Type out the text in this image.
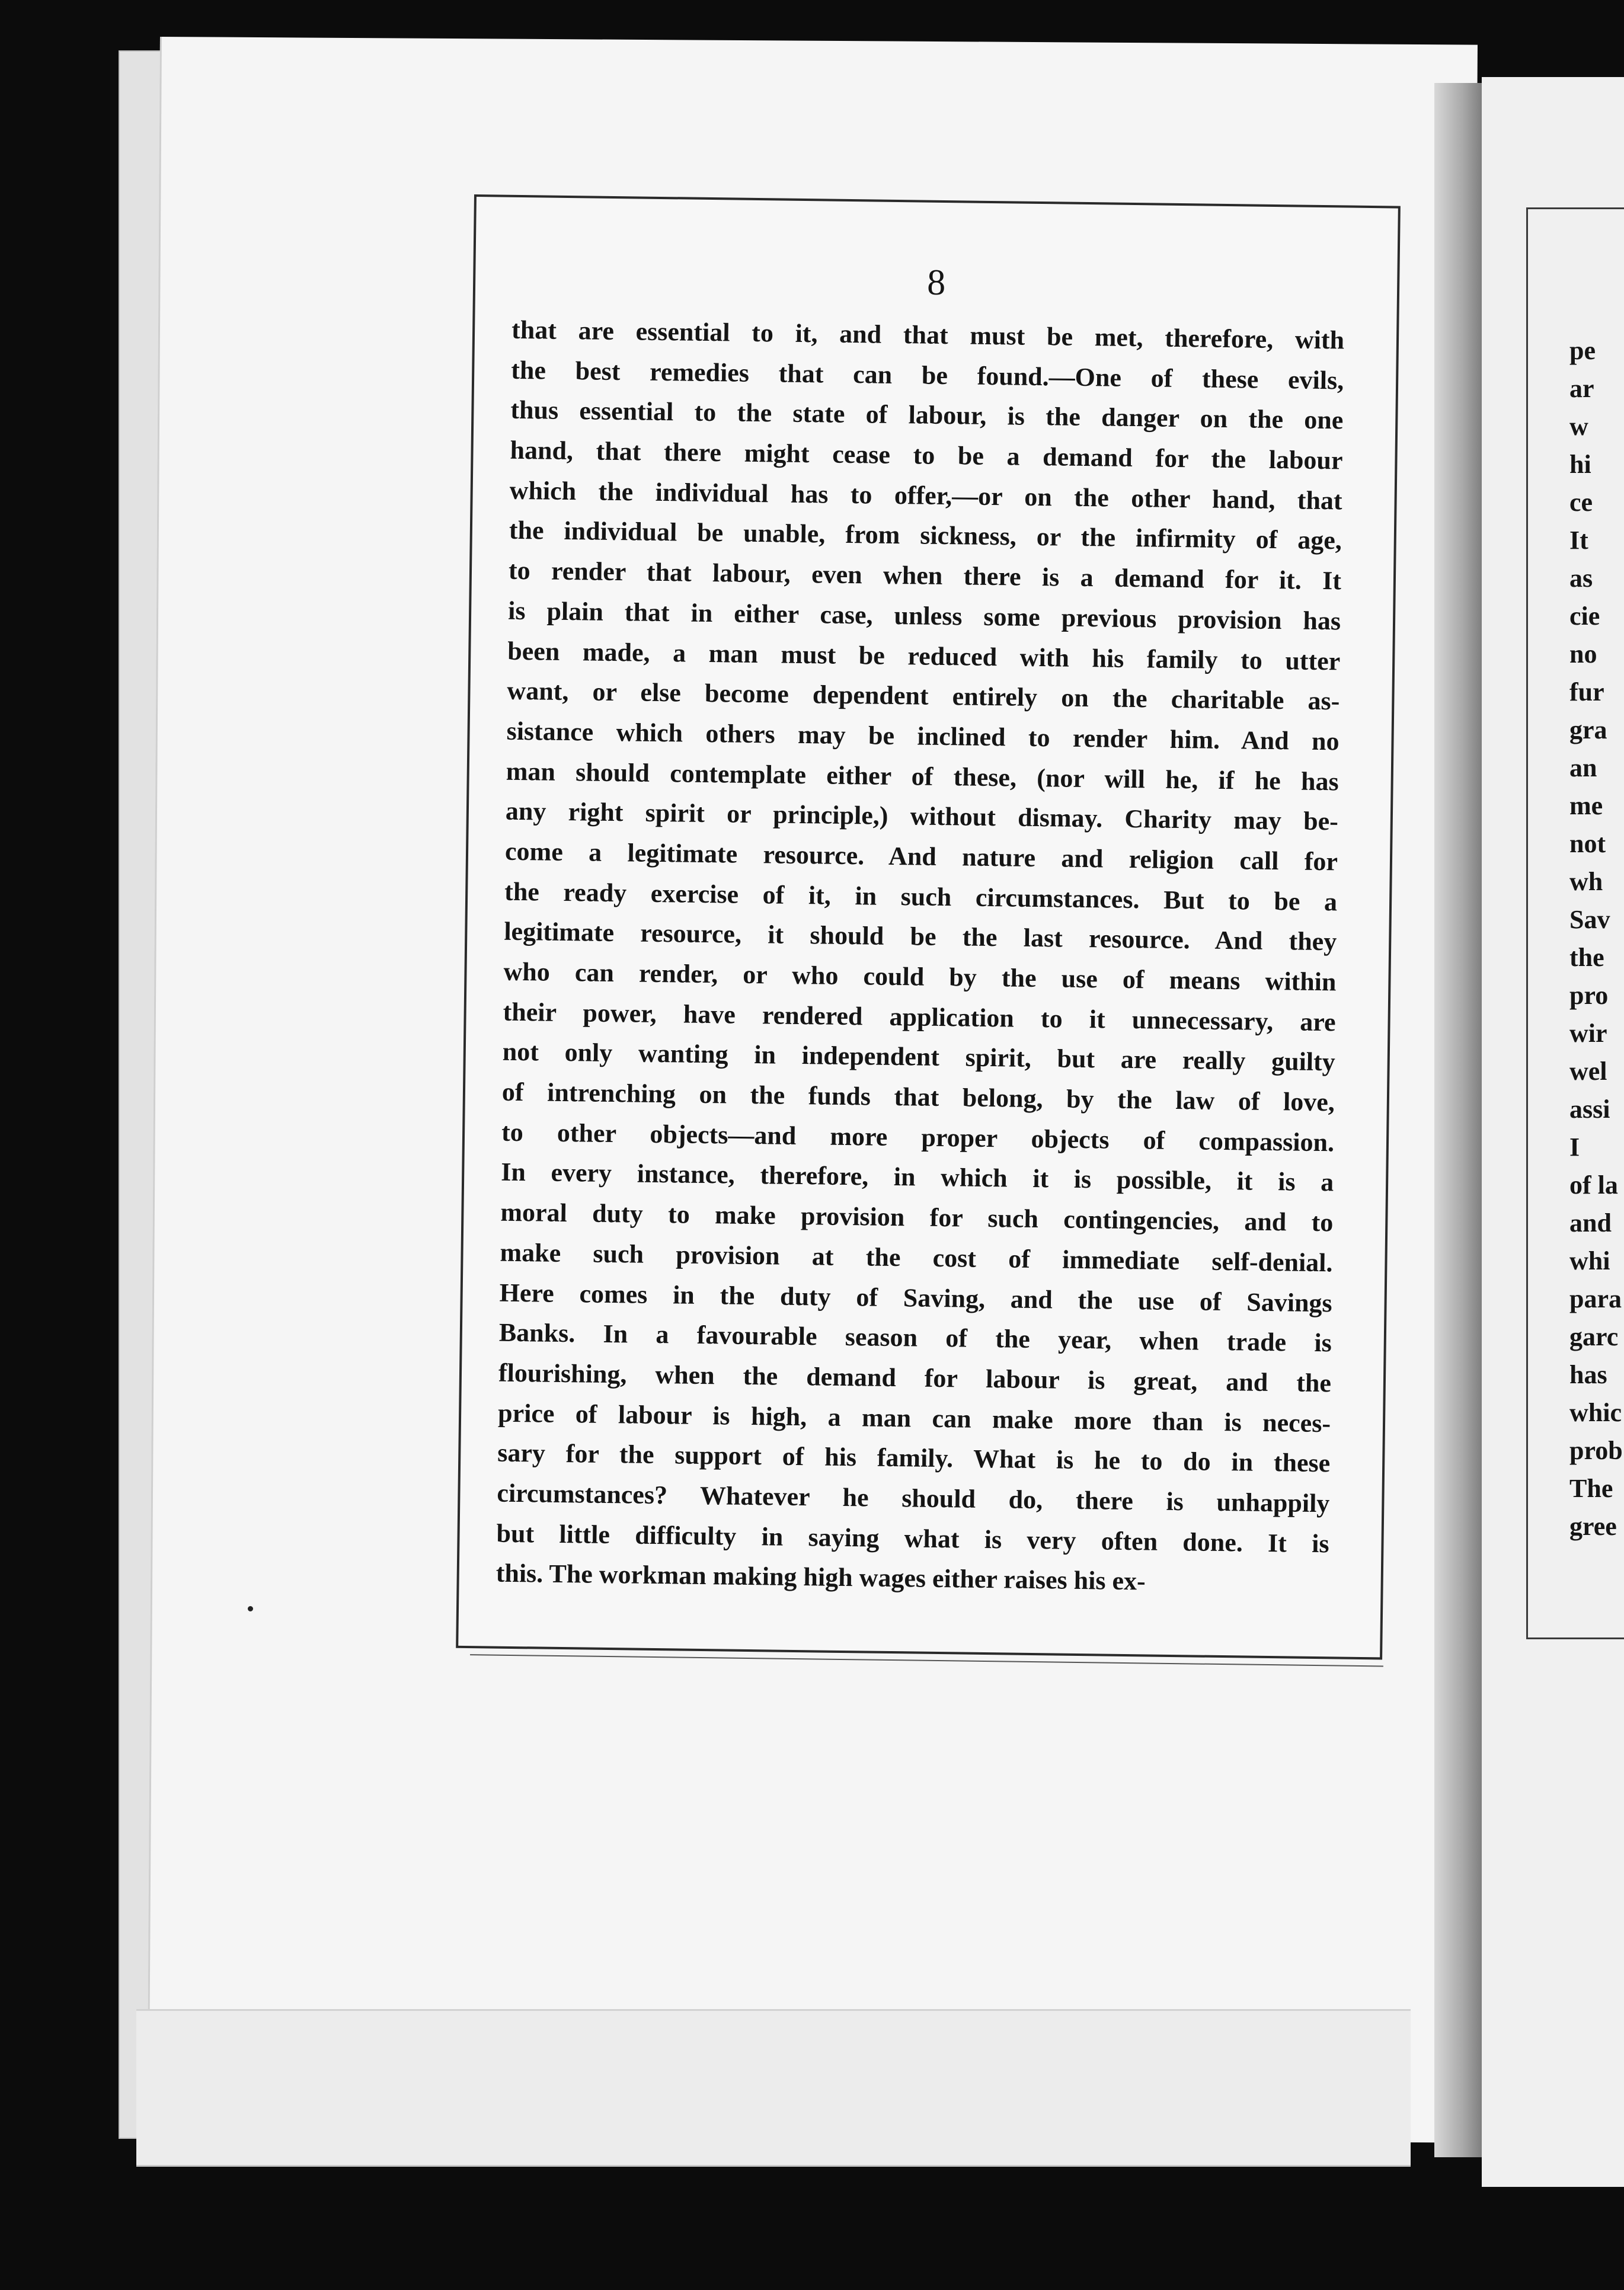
pe
ar
w
hi
ce
It
as
cie
no
fur
gra
an
me
not
wh
Sav
the
pro
wir
wel
assi
I
of la
and
whi
para
garc
has
whic
prob
The
gree
8
that are essential to it, and that must be met, therefore, with
the best remedies that can be found.—One of these evils,
thus essential to the state of labour, is the danger on the one
hand, that there might cease to be a demand for the labour
which the individual has to offer,—or on the other hand, that
the individual be unable, from sickness, or the infirmity of age,
to render that labour, even when there is a demand for it. It
is plain that in either case, unless some previous provision has
been made, a man must be reduced with his family to utter
want, or else become dependent entirely on the charitable as-
sistance which others may be inclined to render him. And no
man should contemplate either of these, (nor will he, if he has
any right spirit or principle,) without dismay. Charity may be-
come a legitimate resource. And nature and religion call for
the ready exercise of it, in such circumstances. But to be a
legitimate resource, it should be the last resource. And they
who can render, or who could by the use of means within
their power, have rendered application to it unnecessary, are
not only wanting in independent spirit, but are really guilty
of intrenching on the funds that belong, by the law of love,
to other objects—and more proper objects of compassion.
In every instance, therefore, in which it is possible, it is a
moral duty to make provision for such contingencies, and to
make such provision at the cost of immediate self-denial.
Here comes in the duty of Saving, and the use of Savings
Banks. In a favourable season of the year, when trade is
flourishing, when the demand for labour is great, and the
price of labour is high, a man can make more than is neces-
sary for the support of his family. What is he to do in these
circumstances? Whatever he should do, there is unhappily
but little difficulty in saying what is very often done. It is
this. The workman making high wages either raises his ex-
